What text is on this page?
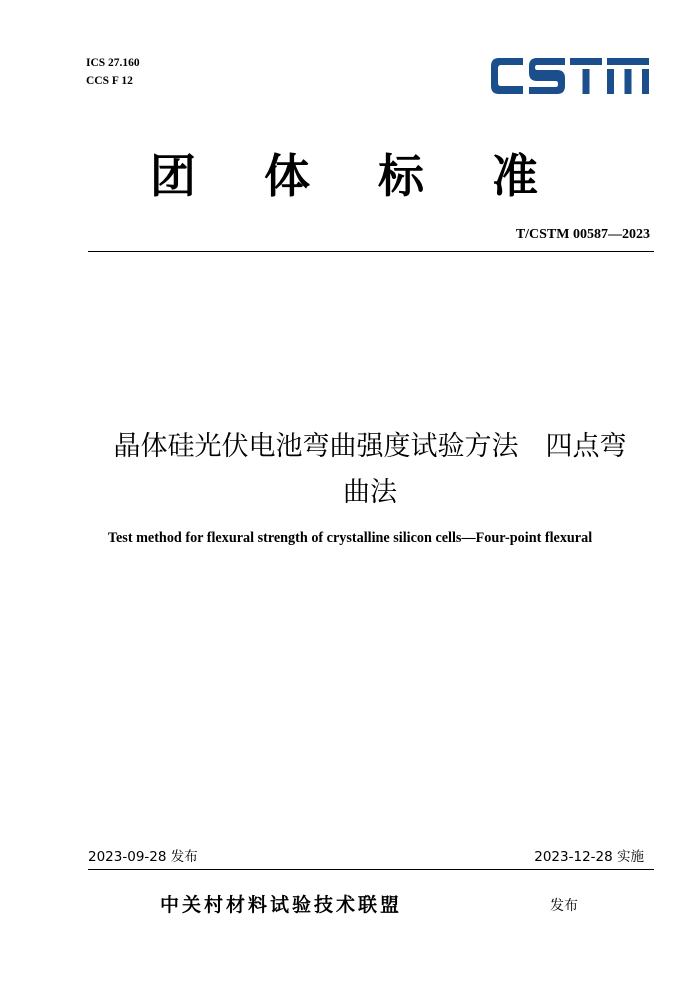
ICS 27.160
CCS F 12
团 体 标 准
T/CSTM 00587—2023
晶体硅光伏电池弯曲强度试验方法　四点弯
曲法
Test method for flexural strength of crystalline silicon cells—Four-point flexural
2023-09-28 发布	2023-12-28 实施
中关村材料试验技术联盟	发布
